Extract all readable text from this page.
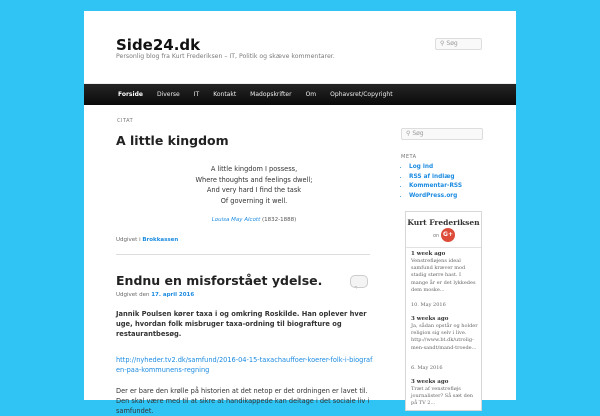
Side24.dk
Personlig blog fra Kurt Frederiksen – IT, Politik og skæve kommentarer.
⚲ Søg
Forside	Diverse	IT	Kontakt	Madopskrifter	Om	Ophavsret/Copyright
CITAT
A little kingdom
A little kingdom I possess,
Where thoughts and feelings dwell;
And very hard I find the task
Of governing it well.
Louisa May Alcott (1832-1888)
Udgivet i Brokkassen
Endnu en misforstået ydelse.
Udgivet den 17. april 2016
Jannik Poulsen kører taxa i og omkring Roskilde. Han oplever hver uge, hvordan folk misbruger taxa-ordning til biografture og restaurantbesøg.
http://nyheder.tv2.dk/samfund/2016-04-15-taxachauffoer-koerer-folk-i-biografen-paa-kommunens-regning
Der er bare den krølle på historien at det netop er det ordningen er lavet til. Den skal være med til at sikre at handikappede kan deltage i det sociale liv i samfundet.
⚲ Søg
META
• Log ind
• RSS af indlæg
• Kommentar-RSS
• WordPress.org
Kurt Frederiksen
on G+
1 week ago
Venstrefløjens ideal samfund kræver mod stadig større hast. I mange år er det lykkedes dem moske...
10. May 2016
3 weeks ago
Ja, sådan opstår og holder religion sig selv i live. http://www.bt.dk/utrolig-men-sandt/mand-troede...
6. May 2016
3 weeks ago
Træt af venstrefløjs journalister? Så sæt den på TV 2...
